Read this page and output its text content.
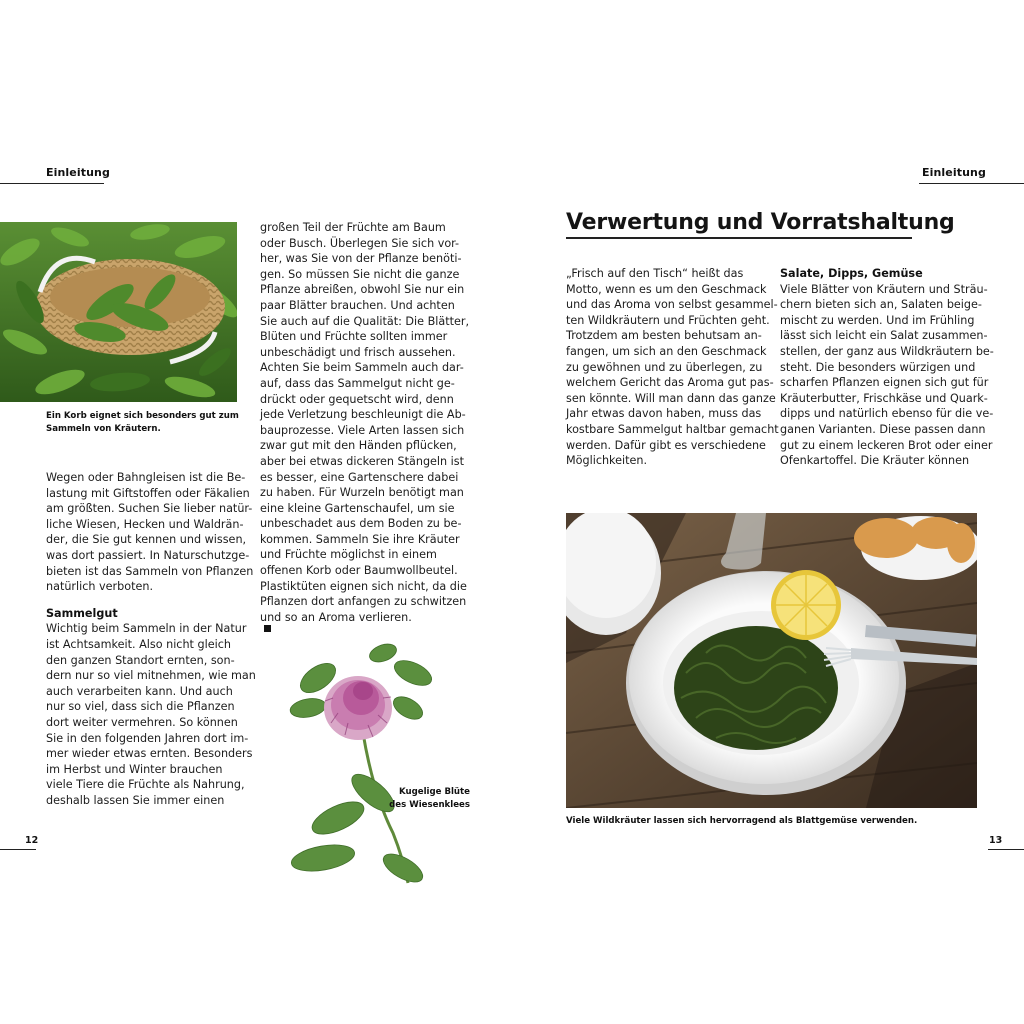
Einleitung
Ein Korb eignet sich besonders gut zum
Sammeln von Kräutern.
Wegen oder Bahngleisen ist die Be-
lastung mit Giftstoffen oder Fäkalien
am größten. Suchen Sie lieber natür-
liche Wiesen, Hecken und Waldrän-
der, die Sie gut kennen und wissen,
was dort passiert. In Naturschutzge-
bieten ist das Sammeln von Pflanzen
natürlich verboten.
Sammelgut
Wichtig beim Sammeln in der Natur
ist Achtsamkeit. Also nicht gleich
den ganzen Standort ernten, son-
dern nur so viel mitnehmen, wie man
auch verarbeiten kann. Und auch
nur so viel, dass sich die Pflanzen
dort weiter vermehren. So können
Sie in den folgenden Jahren dort im-
mer wieder etwas ernten. Besonders
im Herbst und Winter brauchen
viele Tiere die Früchte als Nahrung,
deshalb lassen Sie immer einen
großen Teil der Früchte am Baum
oder Busch. Überlegen Sie sich vor-
her, was Sie von der Pflanze benöti-
gen. So müssen Sie nicht die ganze
Pflanze abreißen, obwohl Sie nur ein
paar Blätter brauchen. Und achten
Sie auch auf die Qualität: Die Blätter,
Blüten und Früchte sollten immer
unbeschädigt und frisch aussehen.
Achten Sie beim Sammeln auch dar-
auf, dass das Sammelgut nicht ge-
drückt oder gequetscht wird, denn
jede Verletzung beschleunigt die Ab-
bauprozesse. Viele Arten lassen sich
zwar gut mit den Händen pflücken,
aber bei etwas dickeren Stängeln ist
es besser, eine Gartenschere dabei
zu haben. Für Wurzeln benötigt man
eine kleine Gartenschaufel, um sie
unbeschadet aus dem Boden zu be-
kommen. Sammeln Sie ihre Kräuter
und Früchte möglichst in einem
offenen Korb oder Baumwollbeutel.
Plastiktüten eignen sich nicht, da die
Pflanzen dort anfangen zu schwitzen
und so an Aroma verlieren.
Kugelige Blüte
des Wiesenklees
12
Einleitung
Verwertung und Vorratshaltung
„Frisch auf den Tisch“ heißt das
Motto, wenn es um den Geschmack
und das Aroma von selbst gesammel-
ten Wildkräutern und Früchten geht.
Trotzdem am besten behutsam an-
fangen, um sich an den Geschmack
zu gewöhnen und zu überlegen, zu
welchem Gericht das Aroma gut pas-
sen könnte. Will man dann das ganze
Jahr etwas davon haben, muss das
kostbare Sammelgut haltbar gemacht
werden. Dafür gibt es verschiedene
Möglichkeiten.
Salate, Dipps, Gemüse
Viele Blätter von Kräutern und Sträu-
chern bieten sich an, Salaten beige-
mischt zu werden. Und im Frühling
lässt sich leicht ein Salat zusammen-
stellen, der ganz aus Wildkräutern be-
steht. Die besonders würzigen und
scharfen Pflanzen eignen sich gut für
Kräuterbutter, Frischkäse und Quark-
dipps und natürlich ebenso für die ve-
ganen Varianten. Diese passen dann
gut zu einem leckeren Brot oder einer
Ofenkartoffel. Die Kräuter können
Viele Wildkräuter lassen sich hervorragend als Blattgemüse verwenden.
13
